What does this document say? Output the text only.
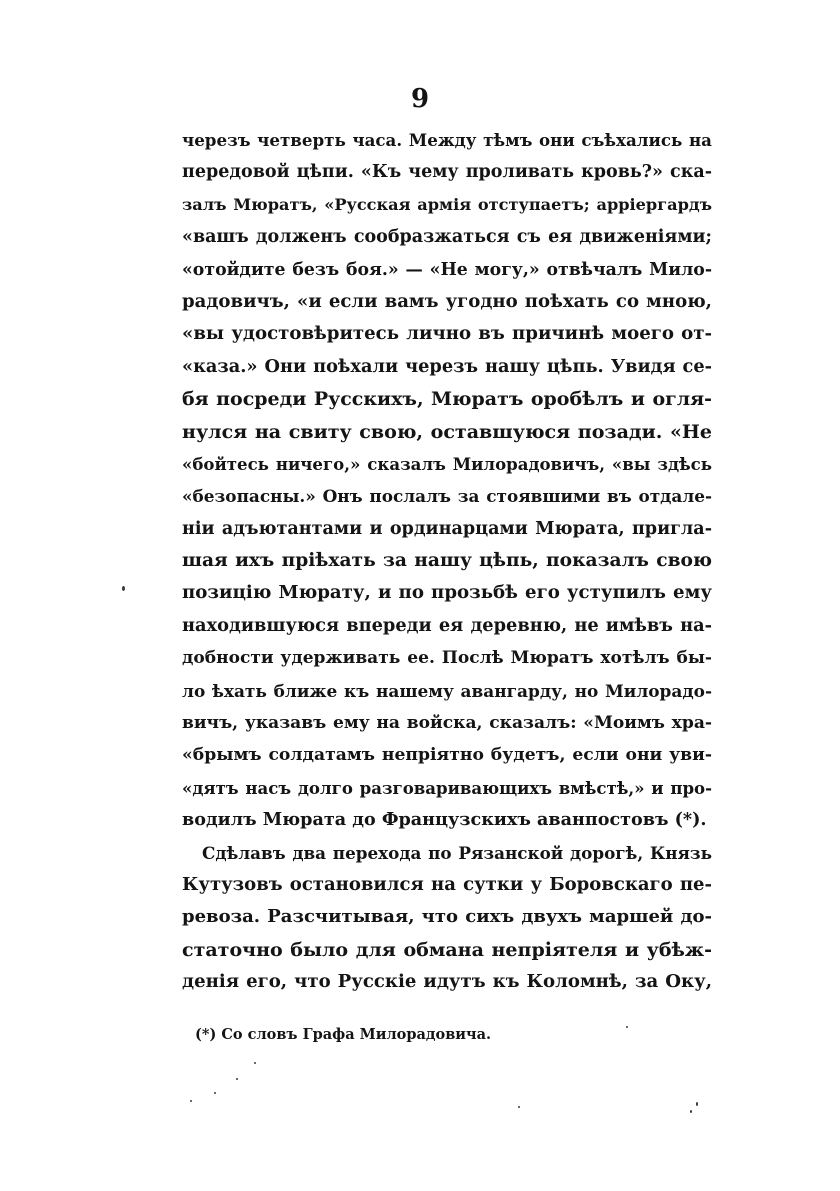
9
черезъ четверть часа. Между тѣмъ они съѣхались на
передовой цѣпи. «Къ чему проливать кровь?» ска-
залъ Мюратъ, «Русская армія отступаетъ; арріергардъ
«вашъ долженъ сообразжаться съ ея движеніями;
«отойдите безъ боя.» — «Не могу,» отвѣчалъ Мило-
радовичъ, «и если вамъ угодно поѣхать со мною,
«вы удостовѣритесь лично въ причинѣ моего от-
«каза.» Они поѣхали черезъ нашу цѣпь. Увидя се-
бя посреди Русскихъ, Мюратъ оробѣлъ и огля-
нулся на свиту свою, оставшуюся позади. «Не
«бойтесь ничего,» сказалъ Милорадовичъ, «вы здѣсь
«безопасны.» Онъ послалъ за стоявшими въ отдале-
ніи адъютантами и ординарцами Мюрата, пригла-
шая ихъ пріѣхать за нашу цѣпь, показалъ свою
позицію Мюрату, и по прозьбѣ его уступилъ ему
находившуюся впереди ея деревню, не имѣвъ на-
добности удерживать ее. Послѣ Мюратъ хотѣлъ бы-
ло ѣхать ближе къ нашему авангарду, но Милорадо-
вичъ, указавъ ему на войска, сказалъ: «Моимъ хра-
«брымъ солдатамъ непріятно будетъ, если они уви-
«дятъ насъ долго разговаривающихъ вмѣстѣ,» и про-
водилъ Мюрата до Французскихъ аванпостовъ (*).
Сдѣлавъ два перехода по Рязанской дорогѣ, Князь
Кутузовъ остановился на сутки у Боровскаго пе-
ревоза. Разсчитывая, что сихъ двухъ маршей до-
статочно было для обмана непріятеля и убѣж-
денія его, что Русскіе идутъ къ Коломнѣ, за Оку,
(*) Со словъ Графа Милорадовича.
